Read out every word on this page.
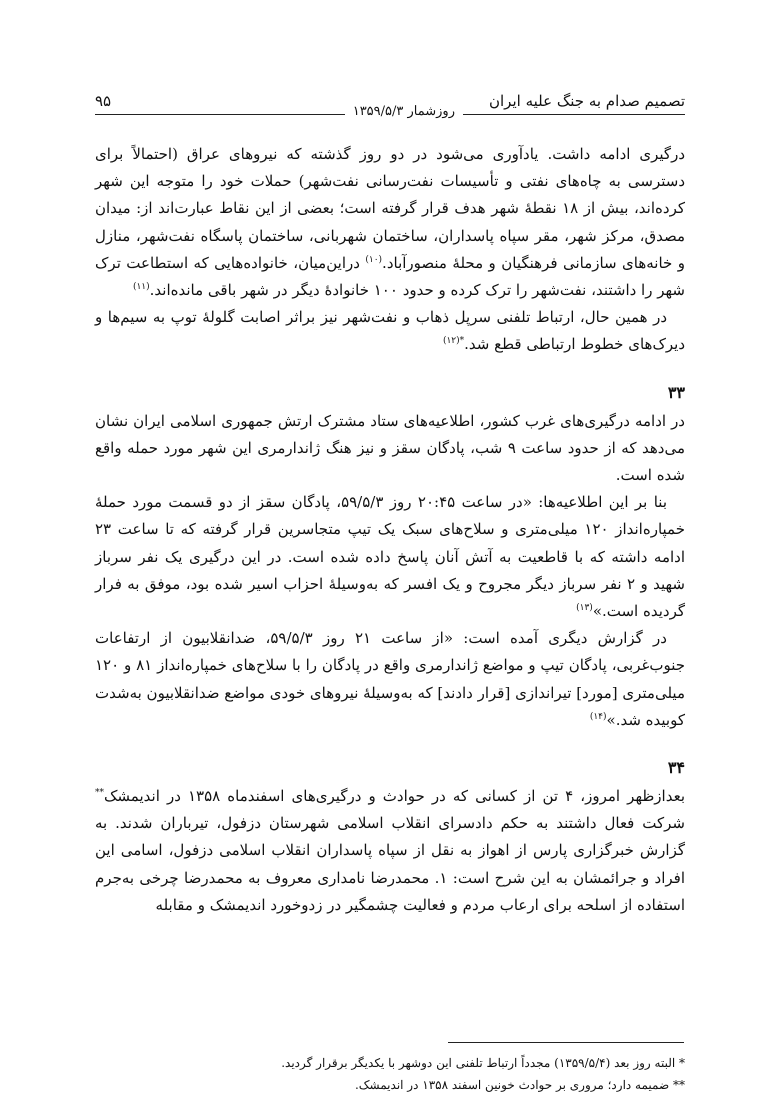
تصمیم صدام به جنگ علیه ایران
۹۵
روزشمار ۱۳۵۹/۵/۳

درگیری ادامه داشت. یادآوری می‌شود در دو روز گذشته که نیروهای عراق (احتمالاً برای دسترسی به چاه‌های نفتی و تأسیسات نفت‌رسانی نفت‌شهر) حملات خود را متوجه این شهر کرده‌اند، بیش از ۱۸ نقطهٔ شهر هدف قرار گرفته است؛ بعضی از این نقاط عبارت‌اند از: میدان مصدق، مرکز شهر، مقر سپاه پاسداران، ساختمان شهربانی، ساختمان پاسگاه نفت‌شهر، منازل و خانه‌های سازمانی فرهنگیان و محلهٔ منصورآباد.$^{(۱۰)}$ دراین‌میان، خانواده‌هایی که استطاعت ترک شهر را داشتند، نفت‌شهر را ترک کرده و حدود ۱۰۰ خانوادهٔ دیگر در شهر باقی مانده‌اند.$^{(۱۱)}$

در همین حال، ارتباط تلفنی سرپل ذهاب و نفت‌شهر نیز براثر اصابت گلولهٔ توپ به سیم‌ها و دیرک‌های خطوط ارتباطی قطع شد.$^{*(۱۲)}$

۳۳

در ادامه درگیری‌های غرب کشور، اطلاعیه‌های ستاد مشترک ارتش جمهوری اسلامی ایران نشان می‌دهد که از حدود ساعت ۹ شب، پادگان سقز و نیز هنگ ژاندارمری این شهر مورد حمله واقع شده است.

بنا بر این اطلاعیه‌ها: «در ساعت ۲۰:۴۵ روز ۵۹/۵/۳، پادگان سقز از دو قسمت مورد حملهٔ خمپاره‌انداز ۱۲۰ میلی‌متری و سلاح‌های سبک یک تیپ متجاسرین قرار گرفته که تا ساعت ۲۳ ادامه داشته که با قاطعیت به آتش آنان پاسخ داده شده است. در این درگیری یک نفر سرباز شهید و ۲ نفر سرباز دیگر مجروح و یک افسر که به‌وسیلهٔ احزاب اسیر شده بود، موفق به فرار گردیده است.»$^{(۱۳)}$

در گزارش دیگری آمده است: «از ساعت ۲۱ روز ۵۹/۵/۳، ضدانقلابیون از ارتفاعات جنوب‌غربی، پادگان تیپ و مواضع ژاندارمری واقع در پادگان را با سلاح‌های خمپاره‌انداز ۸۱ و ۱۲۰ میلی‌متری [مورد] تیراندازی [قرار دادند] که به‌وسیلهٔ نیروهای خودی مواضع ضدانقلابیون به‌شدت کوبیده شد.»$^{(۱۴)}$

۳۴

بعدازظهر امروز، ۴ تن از کسانی که در حوادث و درگیری‌های اسفندماه ۱۳۵۸ در اندیمشک** شرکت فعال داشتند به حکم دادسرای انقلاب اسلامی شهرستان دزفول، تیرباران شدند. به گزارش خبرگزاری پارس از اهواز به نقل از سپاه پاسداران انقلاب اسلامی دزفول، اسامی این افراد و جرائمشان به این شرح است: ۱. محمدرضا نامداری معروف به محمدرضا چرخی به‌جرم استفاده از اسلحه برای ارعاب مردم و فعالیت چشمگیر در زدوخورد اندیمشک و مقابله

* البته روز بعد (۱۳۵۹/۵/۴) مجدداً ارتباط تلفنی این دوشهر با یکدیگر برقرار گردید.

** ضمیمه دارد؛ مروری بر حوادث خونین اسفند ۱۳۵۸ در اندیمشک.
